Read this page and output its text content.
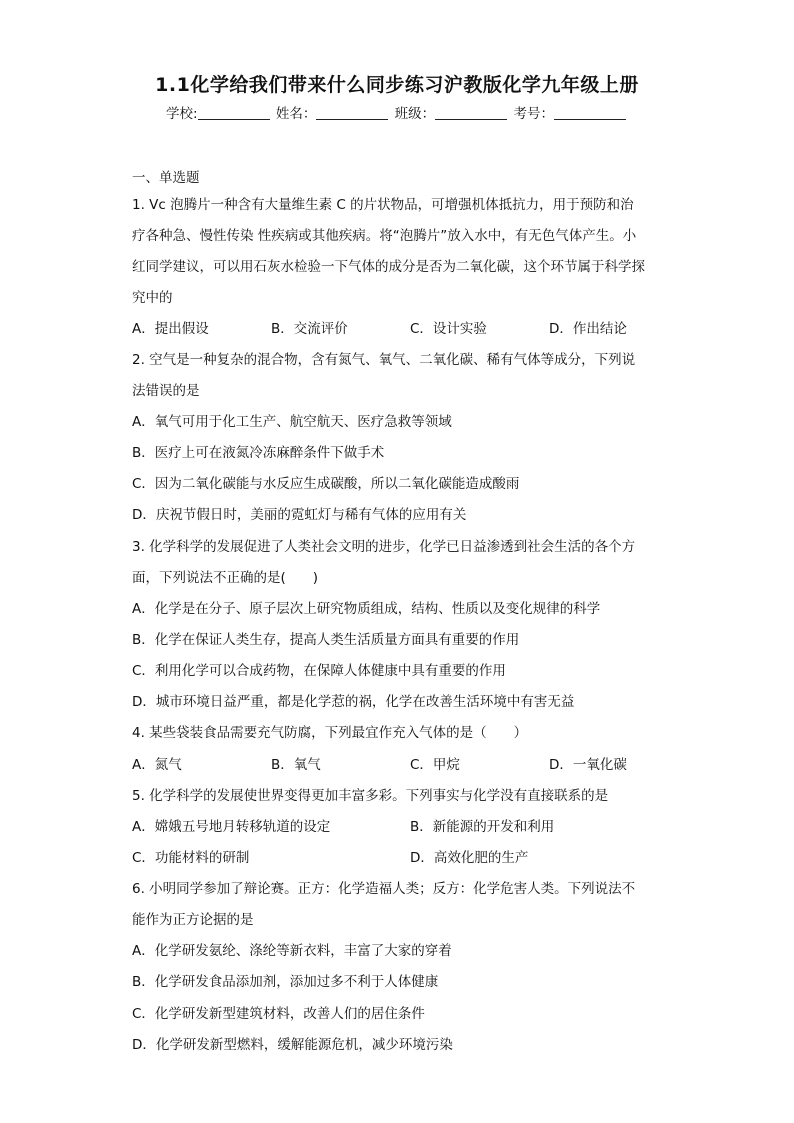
1.1化学给我们带来什么同步练习沪教版化学九年级上册
学校:	姓名：	班级：	考号：
一、单选题
1. Vc 泡腾片一种含有大量维生素 C 的片状物品，可增强机体抵抗力，用于预防和治
疗各种急、慢性传染 性疾病或其他疾病。将“泡腾片”放入水中，有无色气体产生。小
红同学建议，可以用石灰水检验一下气体的成分是否为二氧化碳，这个环节属于科学探
究中的
A．提出假设	B．交流评价	C．设计实验	D．作出结论
2. 空气是一种复杂的混合物，含有氮气、氧气、二氧化碳、稀有气体等成分，下列说
法错误的是
A．氧气可用于化工生产、航空航天、医疗急救等领域
B．医疗上可在液氮冷冻麻醉条件下做手术
C．因为二氧化碳能与水反应生成碳酸，所以二氧化碳能造成酸雨
D．庆祝节假日时，美丽的霓虹灯与稀有气体的应用有关
3. 化学科学的发展促进了人类社会文明的进步，化学已日益渗透到社会生活的各个方
面，下列说法不正确的是(　　)
A．化学是在分子、原子层次上研究物质组成，结构、性质以及变化规律的科学
B．化学在保证人类生存，提高人类生活质量方面具有重要的作用
C．利用化学可以合成药物，在保障人体健康中具有重要的作用
D．城市环境日益严重，都是化学惹的祸，化学在改善生活环境中有害无益
4. 某些袋装食品需要充气防腐，下列最宜作充入气体的是（　　）
A．氮气	B．氧气	C．甲烷	D．一氧化碳
5. 化学科学的发展使世界变得更加丰富多彩。下列事实与化学没有直接联系的是
A．嫦娥五号地月转移轨道的设定	B．新能源的开发和利用
C．功能材料的研制	D．高效化肥的生产
6. 小明同学参加了辩论赛。正方：化学造福人类；反方：化学危害人类。下列说法不
能作为正方论据的是
A．化学研发氨纶、涤纶等新衣料，丰富了大家的穿着
B．化学研发食品添加剂，添加过多不利于人体健康
C．化学研发新型建筑材料，改善人们的居住条件
D．化学研发新型燃料，缓解能源危机，减少环境污染
